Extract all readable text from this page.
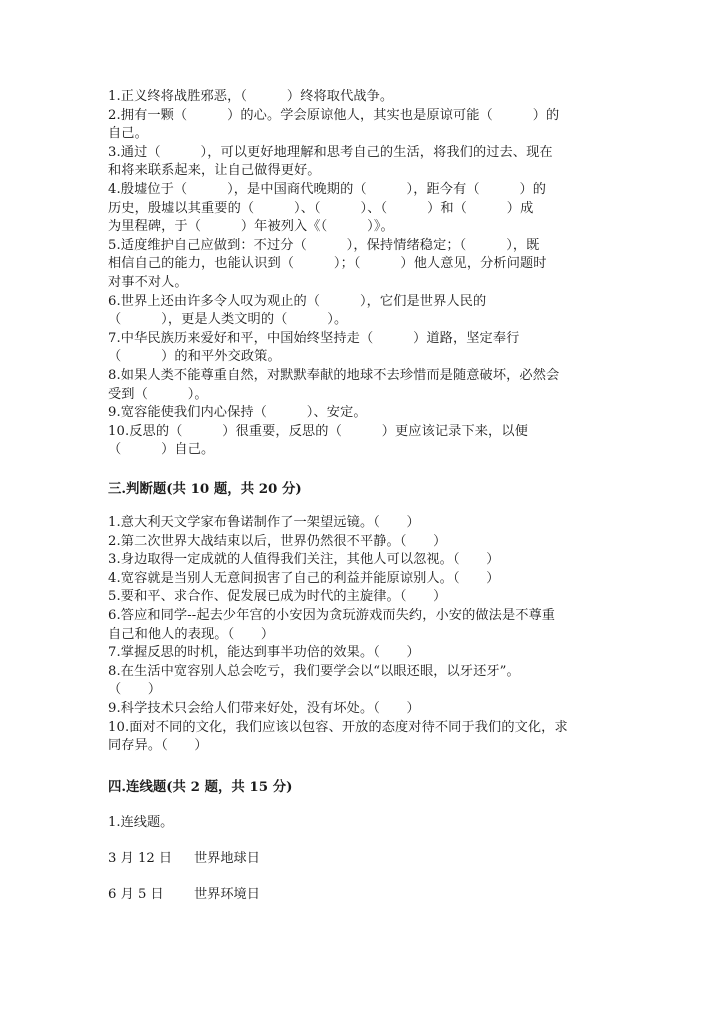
1.正义终将战胜邪恶，（　　　）终将取代战争。
2.拥有一颗（　　　）的心。学会原谅他人，其实也是原谅可能（　　　）的
自己。
3.通过（　　　），可以更好地理解和思考自己的生活，将我们的过去、现在
和将来联系起来，让自己做得更好。
4.殷墟位于（　　　），是中国商代晚期的（　　　），距今有（　　　）的
历史，殷墟以其重要的（　　　）、（　　　）、（　　　）和（　　　）成
为里程碑，于（　　　）年被列入《（　　　）》。
5.适度维护自己应做到：不过分（　　　），保持情绪稳定；（　　　），既
相信自己的能力，也能认识到（　　　）；（　　　）他人意见，分析问题时
对事不对人。
6.世界上还由许多令人叹为观止的（　　　），它们是世界人民的
（　　　），更是人类文明的（　　　）。
7.中华民族历来爱好和平，中国始终坚持走（　　　）道路，坚定奉行
（　　　）的和平外交政策。
8.如果人类不能尊重自然，对默默奉献的地球不去珍惜而是随意破坏，必然会
受到（　　　）。
9.宽容能使我们内心保持（　　　）、安定。
10.反思的（　　　）很重要，反思的（　　　）更应该记录下来，以便
（　　　）自己。
三.判断题(共 10 题，共 20 分)
1.意大利天文学家布鲁诺制作了一架望远镜。（　　）
2.第二次世界大战结束以后，世界仍然很不平静。（　　）
3.身边取得一定成就的人值得我们关注，其他人可以忽视。（　　）
4.宽容就是当别人无意间损害了自己的利益并能原谅别人。（　　）
5.要和平、求合作、促发展已成为时代的主旋律。（　　）
6.答应和同学--起去少年宫的小安因为贪玩游戏而失约，小安的做法是不尊重
自己和他人的表现。（　　）
7.掌握反思的时机，能达到事半功倍的效果。（　　）
8.在生活中宽容别人总会吃亏，我们要学会以“以眼还眼，以牙还牙”。
（　　）
9.科学技术只会给人们带来好处，没有坏处。（　　）
10.面对不同的文化，我们应该以包容、开放的态度对待不同于我们的文化，求
同存异。（　　）
四.连线题(共 2 题，共 15 分)
1.连线题。
3 月 12 日 世界地球日
6 月 5 日 世界环境日
